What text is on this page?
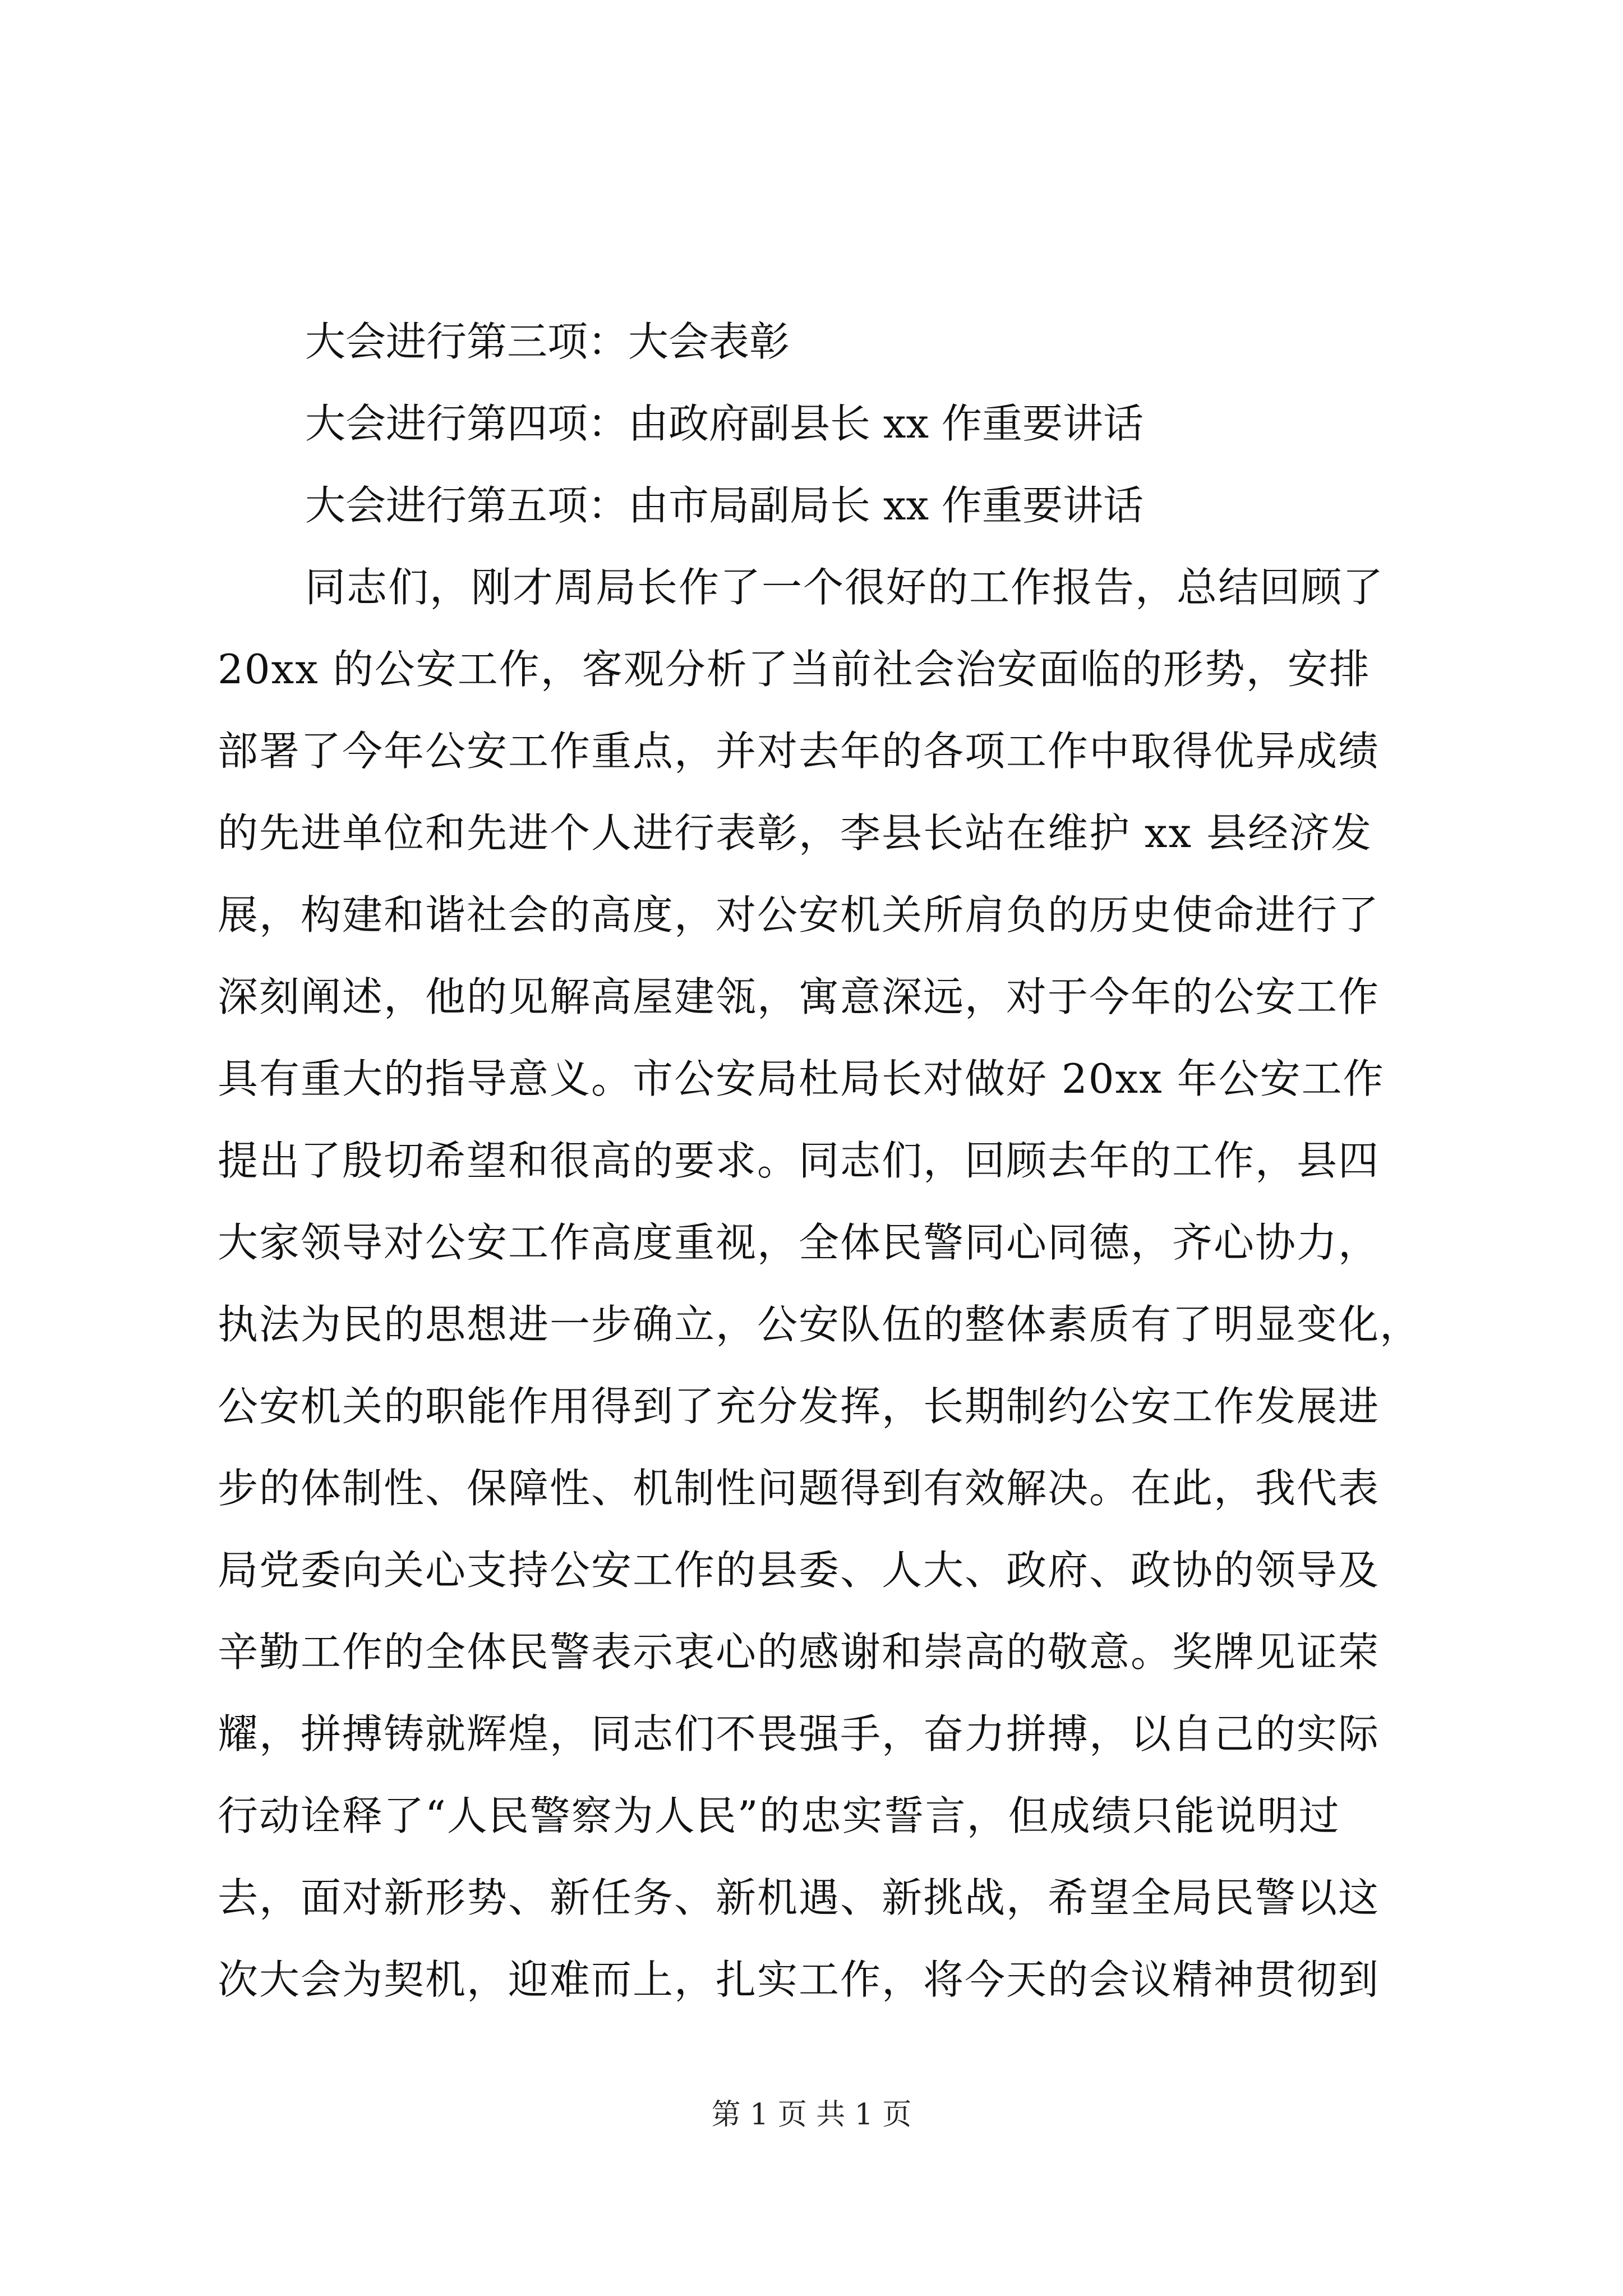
大会进行第三项：大会表彰
大会进行第四项：由政府副县长 xx 作重要讲话
大会进行第五项：由市局副局长 xx 作重要讲话
同志们，刚才周局长作了一个很好的工作报告，总结回顾了
20xx 的公安工作，客观分析了当前社会治安面临的形势，安排
部署了今年公安工作重点，并对去年的各项工作中取得优异成绩
的先进单位和先进个人进行表彰，李县长站在维护 xx 县经济发
展，构建和谐社会的高度，对公安机关所肩负的历史使命进行了
深刻阐述，他的见解高屋建瓴，寓意深远，对于今年的公安工作
具有重大的指导意义。市公安局杜局长对做好 20xx 年公安工作
提出了殷切希望和很高的要求。同志们，回顾去年的工作，县四
大家领导对公安工作高度重视，全体民警同心同德，齐心协力，
执法为民的思想进一步确立，公安队伍的整体素质有了明显变化，
公安机关的职能作用得到了充分发挥，长期制约公安工作发展进
步的体制性、保障性、机制性问题得到有效解决。在此，我代表
局党委向关心支持公安工作的县委、人大、政府、政协的领导及
辛勤工作的全体民警表示衷心的感谢和崇高的敬意。奖牌见证荣
耀，拼搏铸就辉煌，同志们不畏强手，奋力拼搏，以自己的实际
行动诠释了“人民警察为人民”的忠实誓言，但成绩只能说明过
去，面对新形势、新任务、新机遇、新挑战，希望全局民警以这
次大会为契机，迎难而上，扎实工作，将今天的会议精神贯彻到
第 1 页 共 1 页
